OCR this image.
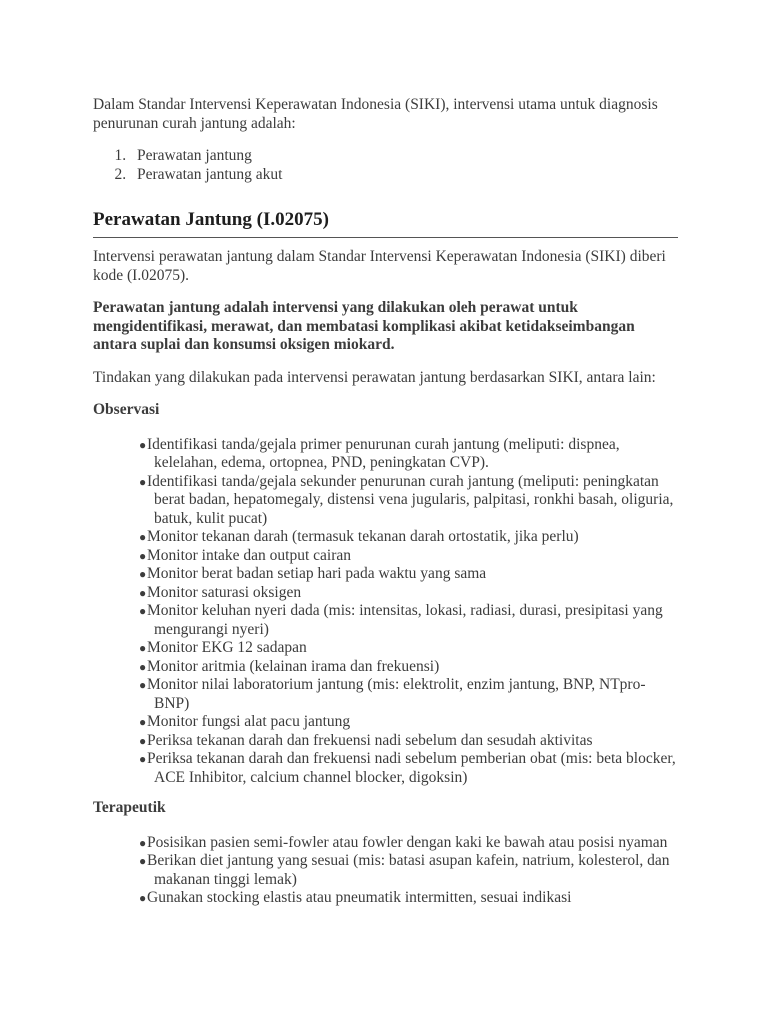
Dalam Standar Intervensi Keperawatan Indonesia (SIKI), intervensi utama untuk diagnosis penurunan curah jantung adalah:

1. Perawatan jantung
2. Perawatan jantung akut
Perawatan Jantung (I.02075)

Intervensi perawatan jantung dalam Standar Intervensi Keperawatan Indonesia (SIKI) diberi kode (I.02075).

Perawatan jantung adalah intervensi yang dilakukan oleh perawat untuk mengidentifikasi, merawat, dan membatasi komplikasi akibat ketidakseimbangan antara suplai dan konsumsi oksigen miokard.

Tindakan yang dilakukan pada intervensi perawatan jantung berdasarkan SIKI, antara lain:

Observasi
●Identifikasi tanda/gejala primer penurunan curah jantung (meliputi: dispnea, kelelahan, edema, ortopnea, PND, peningkatan CVP).
●Identifikasi tanda/gejala sekunder penurunan curah jantung (meliputi: peningkatan berat badan, hepatomegaly, distensi vena jugularis, palpitasi, ronkhi basah, oliguria, batuk, kulit pucat)
●Monitor tekanan darah (termasuk tekanan darah ortostatik, jika perlu)
●Monitor intake dan output cairan
●Monitor berat badan setiap hari pada waktu yang sama
●Monitor saturasi oksigen
●Monitor keluhan nyeri dada (mis: intensitas, lokasi, radiasi, durasi, presipitasi yang mengurangi nyeri)
●Monitor EKG 12 sadapan
●Monitor aritmia (kelainan irama dan frekuensi)
●Monitor nilai laboratorium jantung (mis: elektrolit, enzim jantung, BNP, NTpro-BNP)
●Monitor fungsi alat pacu jantung
●Periksa tekanan darah dan frekuensi nadi sebelum dan sesudah aktivitas
●Periksa tekanan darah dan frekuensi nadi sebelum pemberian obat (mis: beta blocker, ACE Inhibitor, calcium channel blocker, digoksin)
Terapeutik
●Posisikan pasien semi-fowler atau fowler dengan kaki ke bawah atau posisi nyaman
●Berikan diet jantung yang sesuai (mis: batasi asupan kafein, natrium, kolesterol, dan makanan tinggi lemak)
●Gunakan stocking elastis atau pneumatik intermitten, sesuai indikasi
